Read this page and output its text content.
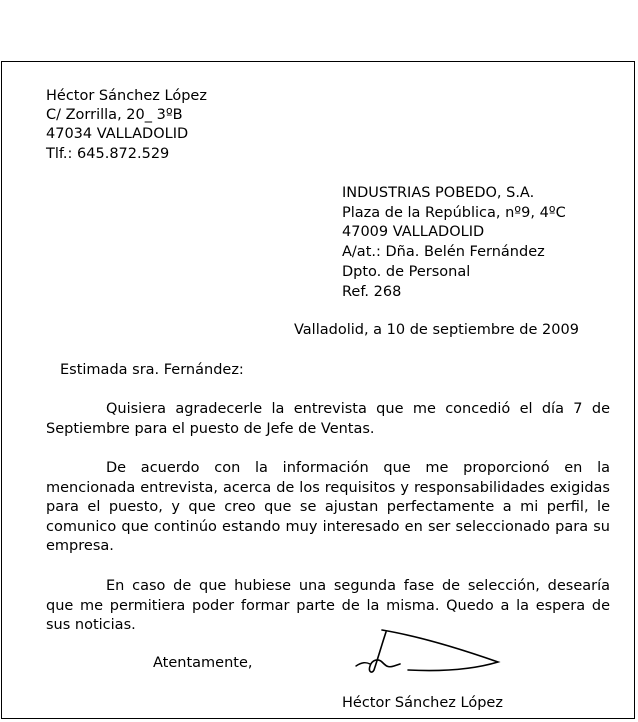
Héctor Sánchez López
C/ Zorrilla, 20_ 3ºB
47034 VALLADOLID
Tlf.: 645.872.529
INDUSTRIAS POBEDO, S.A.
Plaza de la República, nº9, 4ºC
47009 VALLADOLID
A/at.: Dña. Belén Fernández
Dpto. de Personal
Ref. 268
Valladolid, a 10 de septiembre de 2009
Estimada sra. Fernández:
Quisiera agradecerle la entrevista que me concedió el día 7 de Septiembre para el puesto de Jefe de Ventas.
De acuerdo con la información que me proporcionó en la mencionada entrevista, acerca de los requisitos y responsabilidades exigidas para el puesto, y que creo que se ajustan perfectamente a mi perfil, le comunico que continúo estando muy interesado en ser seleccionado para su empresa.
En caso de que hubiese una segunda fase de selección, desearía que me permitiera poder formar parte de la misma. Quedo a la espera de sus noticias.
Atentamente,
Héctor Sánchez López
